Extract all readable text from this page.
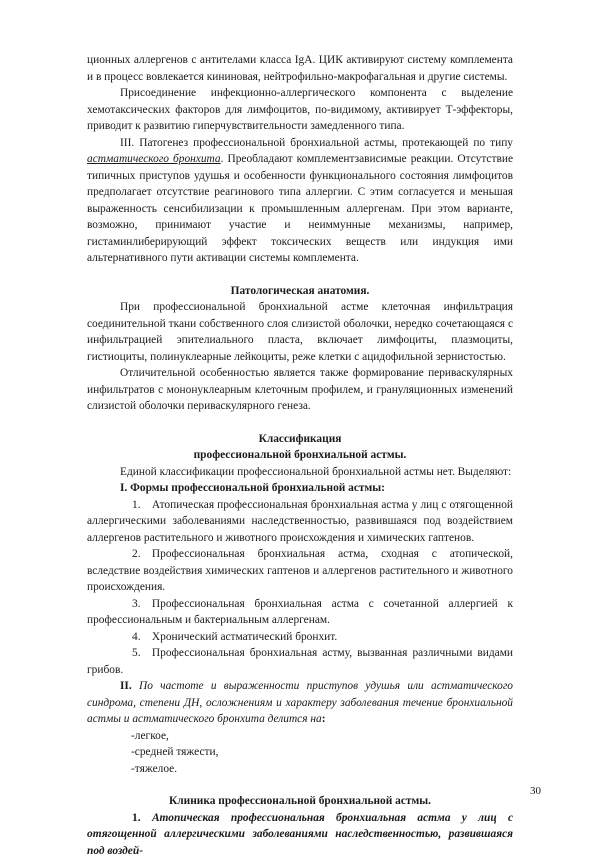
ционных аллергенов с антителами класса IgA. ЦИК активируют систему комплемента и в процесс вовлекается кининовая, нейтрофильно-макрофагальная и другие системы.

Присоединение инфекционно-аллергического компонента с выделение хемотаксических факторов для лимфоцитов, по-видимому, активирует Т-эффекторы, приводит к развитию гиперчувствительности замедленного типа.

III. Патогенез профессиональной бронхиальной астмы, протекающей по типу астматического бронхита. Преобладают комплементзависимые реакции. Отсутствие типичных приступов удушья и особенности функционального состояния лимфоцитов предполагает отсутствие реагинового типа аллергии. С этим согласуется и меньшая выраженность сенсибилизации к промышленным аллергенам. При этом варианте, возможно, принимают участие и неиммунные механизмы, например, гистаминлиберирующий эффект токсических веществ или индукция ими альтернативного пути активации системы комплемента.

Патологическая анатомия.

При профессиональной бронхиальной астме клеточная инфильтрация соединительной ткани собственного слоя слизистой оболочки, нередко сочетающаяся с инфильтрацией эпителиального пласта, включает лимфоциты, плазмоциты, гистиоциты, полинуклеарные лейкоциты, реже клетки с ацидофильной зернистостью.

Отличительной особенностью является также формирование периваскулярных инфильтратов с мононуклеарным клеточным профилем, и грануляционных изменений слизистой оболочки периваскулярного генеза.

Классификация

профессиональной бронхиальной астмы.

Единой классификации профессиональной бронхиальной астмы нет. Выделяют:

I. Формы профессиональной бронхиальной астмы:

1. Атопическая профессиональная бронхиальная астма у лиц с отягощенной аллергическими заболеваниями наследственностью, развившаяся под воздействием аллергенов растительного и животного происхождения и химических гаптенов.

2. Профессиональная бронхиальная астма, сходная с атопической, вследствие воздействия химических гаптенов и аллергенов растительного и животного происхождения.

3. Профессиональная бронхиальная астма с сочетанной аллергией к профессиональным и бактериальным аллергенам.

4. Хронический астматический бронхит.

5. Профессиональная бронхиальная астму, вызванная различными видами грибов.

II. По частоте и выраженности приступов удушья или астматического синдрома, степени ДН, осложнениям и характеру заболевания течение бронхиальной астмы и астматического бронхита делится на:

-легкое,

-средней тяжести,

-тяжелое.

Клиника профессиональной бронхиальной астмы.

1. Атопическая профессиональная бронхиальная астма у лиц с отягощенной аллергическими заболеваниями наследственностью, развившаяся под воздей-

30
